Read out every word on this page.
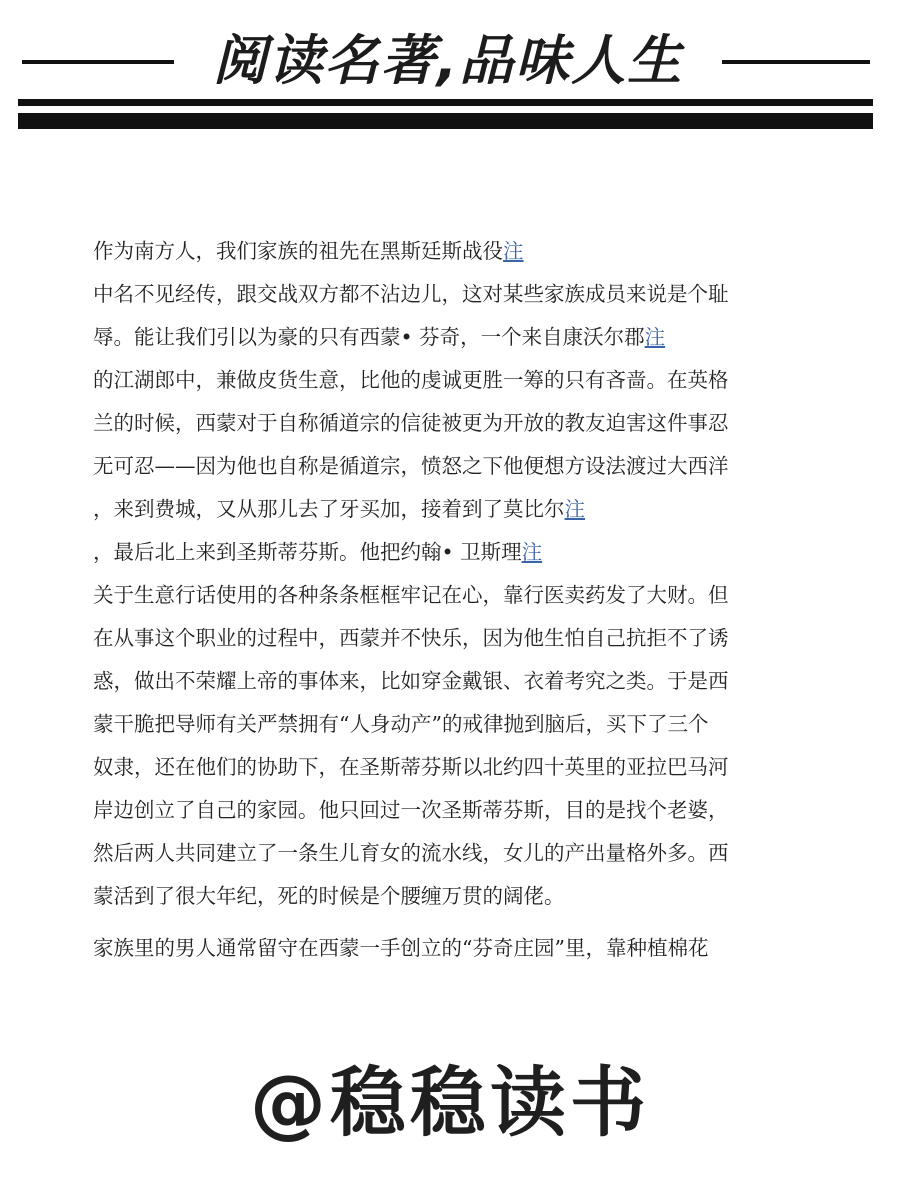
阅读名著,品味人生
作为南方人，我们家族的祖先在黑斯廷斯战役注
中名不见经传，跟交战双方都不沾边儿，这对某些家族成员来说是个耻
辱。能让我们引以为豪的只有西蒙• 芬奇，一个来自康沃尔郡注
的江湖郎中，兼做皮货生意，比他的虔诚更胜一筹的只有吝啬。在英格
兰的时候，西蒙对于自称循道宗的信徒被更为开放的教友迫害这件事忍
无可忍——因为他也自称是循道宗，愤怒之下他便想方设法渡过大西洋
，来到费城，又从那儿去了牙买加，接着到了莫比尔注
，最后北上来到圣斯蒂芬斯。他把约翰• 卫斯理注
关于生意行话使用的各种条条框框牢记在心，靠行医卖药发了大财。但
在从事这个职业的过程中，西蒙并不快乐，因为他生怕自己抗拒不了诱
惑，做出不荣耀上帝的事体来，比如穿金戴银、衣着考究之类。于是西
蒙干脆把导师有关严禁拥有“人身动产”的戒律抛到脑后，买下了三个
奴隶，还在他们的协助下，在圣斯蒂芬斯以北约四十英里的亚拉巴马河
岸边创立了自己的家园。他只回过一次圣斯蒂芬斯，目的是找个老婆，
然后两人共同建立了一条生儿育女的流水线，女儿的产出量格外多。西
蒙活到了很大年纪，死的时候是个腰缠万贯的阔佬。
家族里的男人通常留守在西蒙一手创立的“芬奇庄园”里，靠种植棉花
@稳稳读书
